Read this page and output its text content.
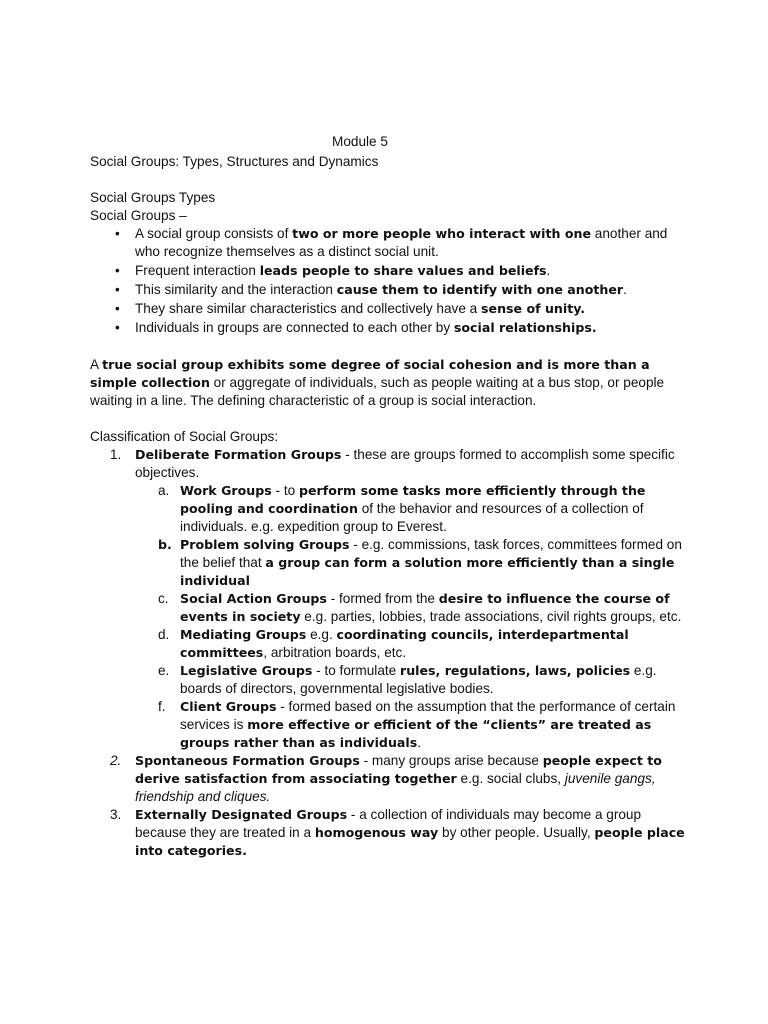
Module 5
Social Groups: Types, Structures and Dynamics
Social Groups Types
Social Groups –
• A social group consists of two or more people who interact with one another and who recognize themselves as a distinct social unit.
• Frequent interaction leads people to share values and beliefs.
• This similarity and the interaction cause them to identify with one another.
• They share similar characteristics and collectively have a sense of unity.
• Individuals in groups are connected to each other by social relationships.

A true social group exhibits some degree of social cohesion and is more than a simple collection or aggregate of individuals, such as people waiting at a bus stop, or people waiting in a line. The defining characteristic of a group is social interaction.

Classification of Social Groups:
1. Deliberate Formation Groups - these are groups formed to accomplish some specific objectives.
a. Work Groups - to perform some tasks more efficiently through the pooling and coordination of the behavior and resources of a collection of individuals. e.g. expedition group to Everest.
b. Problem solving Groups - e.g. commissions, task forces, committees formed on the belief that a group can form a solution more efficiently than a single individual
c. Social Action Groups - formed from the desire to influence the course of events in society e.g. parties, lobbies, trade associations, civil rights groups, etc.
d. Mediating Groups e.g. coordinating councils, interdepartmental committees, arbitration boards, etc.
e. Legislative Groups - to formulate rules, regulations, laws, policies e.g. boards of directors, governmental legislative bodies.
f. Client Groups - formed based on the assumption that the performance of certain services is more effective or efficient of the “clients” are treated as groups rather than as individuals.
2. Spontaneous Formation Groups - many groups arise because people expect to derive satisfaction from associating together e.g. social clubs, juvenile gangs, friendship and cliques.
3. Externally Designated Groups - a collection of individuals may become a group because they are treated in a homogenous way by other people. Usually, people place into categories.
